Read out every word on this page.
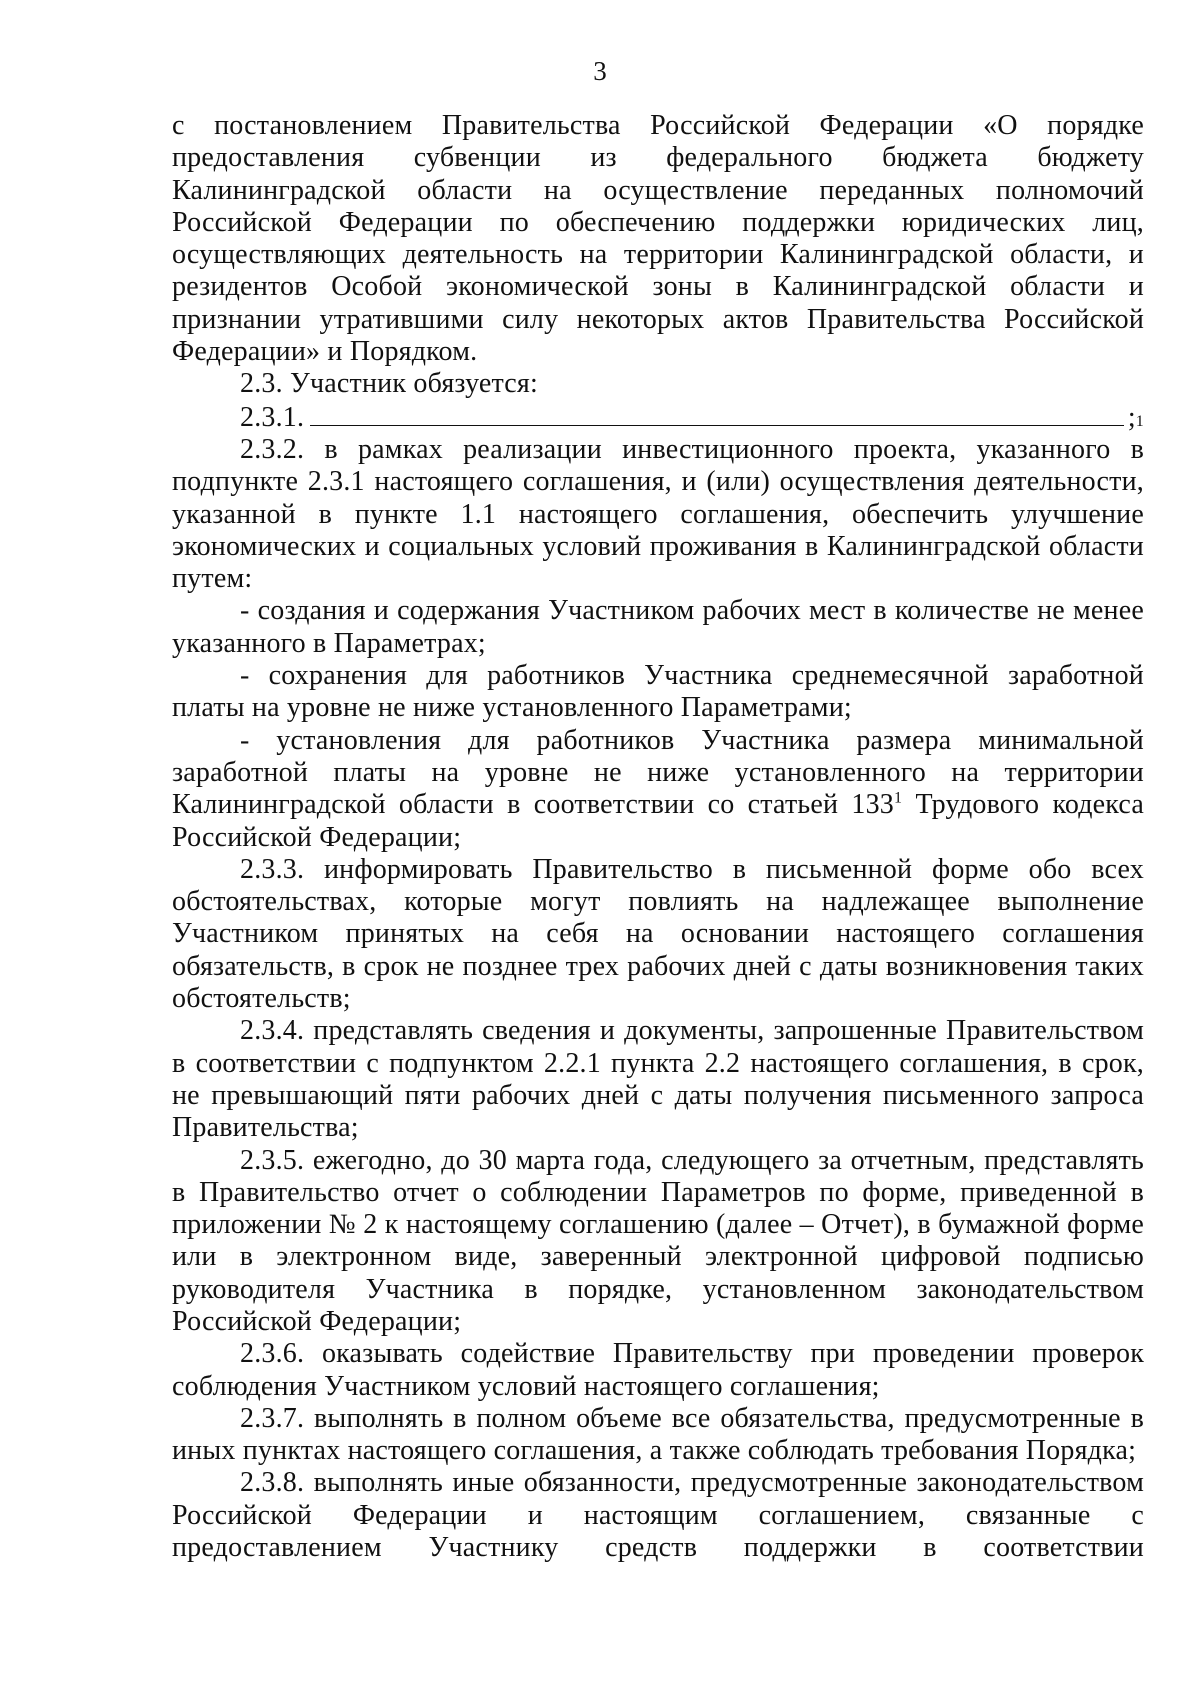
3

с постановлением Правительства Российской Федерации «О порядке предоставления субвенции из федерального бюджета бюджету Калининградской области на осуществление переданных полномочий Российской Федерации по обеспечению поддержки юридических лиц, осуществляющих деятельность на территории Калининградской области, и резидентов Особой экономической зоны в Калининградской области и признании утратившими силу некоторых актов Правительства Российской Федерации» и Порядком.

2.3. Участник обязуется:

2.3.1.	; 1

2.3.2. в рамках реализации инвестиционного проекта, указанного в подпункте 2.3.1 настоящего соглашения, и (или) осуществления деятельности, указанной в пункте 1.1 настоящего соглашения, обеспечить улучшение экономических и социальных условий проживания в Калининградской области путем:

- создания и содержания Участником рабочих мест в количестве не менее указанного в Параметрах;

- сохранения для работников Участника среднемесячной заработной платы на уровне не ниже установленного Параметрами;

- установления для работников Участника размера минимальной заработной платы на уровне не ниже установленного на территории Калининградской области в соответствии со статьей 133$^1$ Трудового кодекса Российской Федерации;

2.3.3. информировать Правительство в письменной форме обо всех обстоятельствах, которые могут повлиять на надлежащее выполнение Участником принятых на себя на основании настоящего соглашения обязательств, в срок не позднее трех рабочих дней с даты возникновения таких обстоятельств;

2.3.4. представлять сведения и документы, запрошенные Правительством в соответствии с подпунктом 2.2.1 пункта 2.2 настоящего соглашения, в срок, не превышающий пяти рабочих дней с даты получения письменного запроса Правительства;

2.3.5. ежегодно, до 30 марта года, следующего за отчетным, представлять в Правительство отчет о соблюдении Параметров по форме, приведенной в приложении № 2 к настоящему соглашению (далее – Отчет), в бумажной форме или в электронном виде, заверенный электронной цифровой подписью руководителя Участника в порядке, установленном законодательством Российской Федерации;

2.3.6. оказывать содействие Правительству при проведении проверок соблюдения Участником условий настоящего соглашения;

2.3.7. выполнять в полном объеме все обязательства, предусмотренные в иных пунктах настоящего соглашения, а также соблюдать требования Порядка;

2.3.8. выполнять иные обязанности, предусмотренные законодательством Российской Федерации и настоящим соглашением, связанные с предоставлением Участнику средств поддержки в соответствии
